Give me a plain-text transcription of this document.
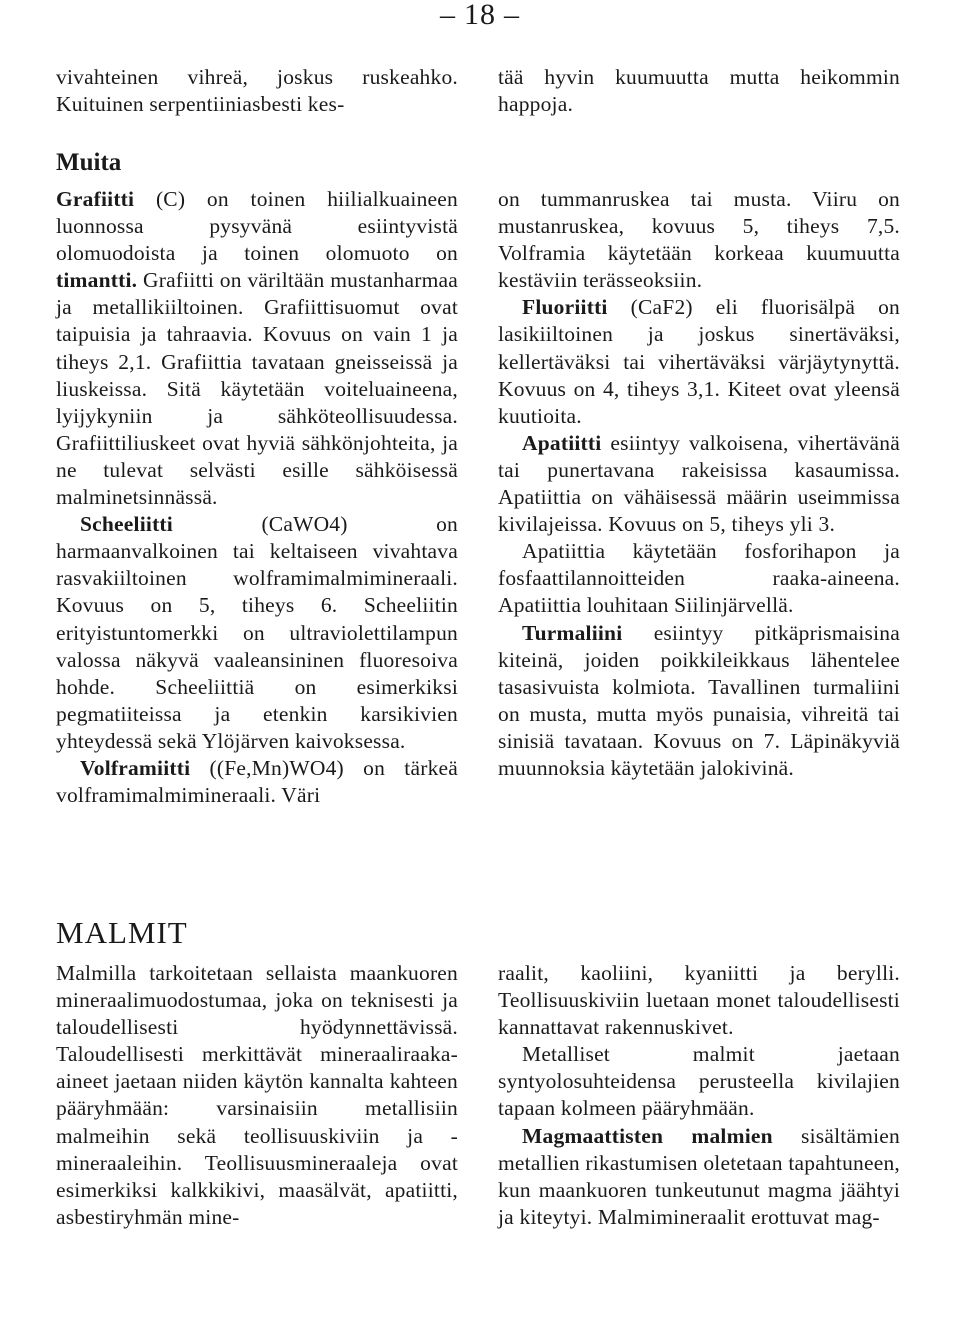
– 18 –

vivahteinen vihreä, joskus ruskeahko. Kuituinen serpentiiniasbesti kes-

tää hyvin kuumuutta mutta heikommin happoja.

Muita

Grafiitti (C) on toinen hiilialkuaineen luonnossa pysyvänä esiintyvistä olomuodoista ja toinen olomuoto on timantti. Grafiitti on väriltään mustanharmaa ja metallikiiltoinen. Grafiittisuomut ovat taipuisia ja tahraavia. Kovuus on vain 1 ja tiheys 2,1. Grafiittia tavataan gneisseissä ja liuskeissa. Sitä käytetään voiteluaineena, lyijykyniin ja sähköteollisuudessa. Grafiittiliuskeet ovat hyviä sähkönjohteita, ja ne tulevat selvästi esille sähköisessä malminetsinnässä.

Scheeliitti (CaWO4) on harmaanvalkoinen tai keltaiseen vivahtava rasvakiiltoinen wolframimalmimineraali. Kovuus on 5, tiheys 6. Scheeliitin erityistuntomerkki on ultraviolettilampun valossa näkyvä vaaleansininen fluoresoiva hohde. Scheeliittiä on esimerkiksi pegmatiiteissa ja etenkin karsikivien yhteydessä sekä Ylöjärven kaivoksessa.

Volframiitti ((Fe,Mn)WO4) on tärkeä volframimalmimineraali. Väri

on tummanruskea tai musta. Viiru on mustanruskea, kovuus 5, tiheys 7,5. Volframia käytetään korkeaa kuumuutta kestäviin terässeoksiin.

Fluoriitti (CaF2) eli fluorisälpä on lasikiiltoinen ja joskus sinertäväksi, kellertäväksi tai vihertäväksi värjäytynyttä. Kovuus on 4, tiheys 3,1. Kiteet ovat yleensä kuutioita.

Apatiitti esiintyy valkoisena, vihertävänä tai punertavana rakeisissa kasaumissa. Apatiittia on vähäisessä määrin useimmissa kivilajeissa. Kovuus on 5, tiheys yli 3.

Apatiittia käytetään fosforihapon ja fosfaattilannoitteiden raaka-aineena. Apatiittia louhitaan Siilinjärvellä.

Turmaliini esiintyy pitkäprismaisina kiteinä, joiden poikkileikkaus lähentelee tasasivuista kolmiota. Tavallinen turmaliini on musta, mutta myös punaisia, vihreitä tai sinisiä tavataan. Kovuus on 7. Läpinäkyviä muunnoksia käytetään jalokivinä.

MALMIT

Malmilla tarkoitetaan sellaista maankuoren mineraalimuodostumaa, joka on teknisesti ja taloudellisesti hyödynnettävissä. Taloudellisesti merkittävät mineraaliraaka-aineet jaetaan niiden käytön kannalta kahteen pääryhmään: varsinaisiin metallisiin malmeihin sekä teollisuuskiviin ja -mineraaleihin. Teollisuusmineraaleja ovat esimerkiksi kalkkikivi, maasälvät, apatiitti, asbestiryhmän mine-

raalit, kaoliini, kyaniitti ja berylli. Teollisuuskiviin luetaan monet taloudellisesti kannattavat rakennuskivet.

Metalliset malmit jaetaan syntyolosuhteidensa perusteella kivilajien tapaan kolmeen pääryhmään.

Magmaattisten malmien sisältämien metallien rikastumisen oletetaan tapahtuneen, kun maankuoren tunkeutunut magma jäähtyi ja kiteytyi. Malmimineraalit erottuvat mag-
